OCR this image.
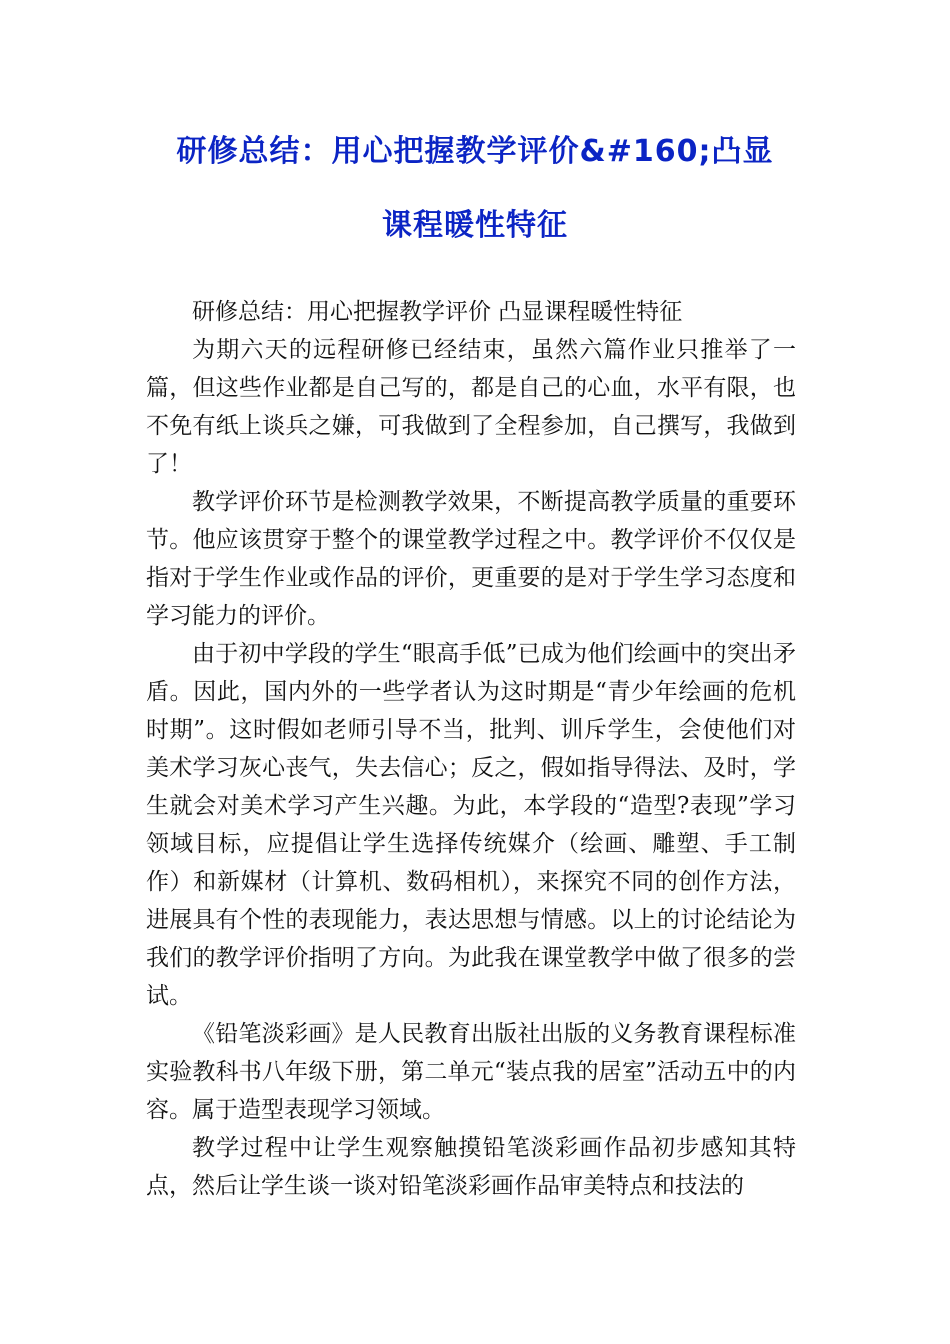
研修总结：用心把握教学评价&#160;凸显
课程暖性特征

研修总结：用心把握教学评价 凸显课程暖性特征

为期六天的远程研修已经结束，虽然六篇作业只推举了一篇，但这些作业都是自己写的，都是自己的心血，水平有限，也不免有纸上谈兵之嫌，可我做到了全程参加，自己撰写，我做到了！

教学评价环节是检测教学效果，不断提高教学质量的重要环节。他应该贯穿于整个的课堂教学过程之中。教学评价不仅仅是指对于学生作业或作品的评价，更重要的是对于学生学习态度和学习能力的评价。

由于初中学段的学生“眼高手低”已成为他们绘画中的突出矛盾。因此，国内外的一些学者认为这时期是“青少年绘画的危机时期”。这时假如老师引导不当，批判、训斥学生，会使他们对美术学习灰心丧气，失去信心；反之，假如指导得法、及时，学生就会对美术学习产生兴趣。为此，本学段的“造型?表现”学习领域目标，应提倡让学生选择传统媒介（绘画、雕塑、手工制作）和新媒材（计算机、数码相机），来探究不同的创作方法，进展具有个性的表现能力，表达思想与情感。以上的讨论结论为我们的教学评价指明了方向。为此我在课堂教学中做了很多的尝试。

《铅笔淡彩画》是人民教育出版社出版的义务教育课程标准实验教科书八年级下册，第二单元“装点我的居室”活动五中的内容。属于造型表现学习领域。

教学过程中让学生观察触摸铅笔淡彩画作品初步感知其特点，然后让学生谈一谈对铅笔淡彩画作品审美特点和技法的
